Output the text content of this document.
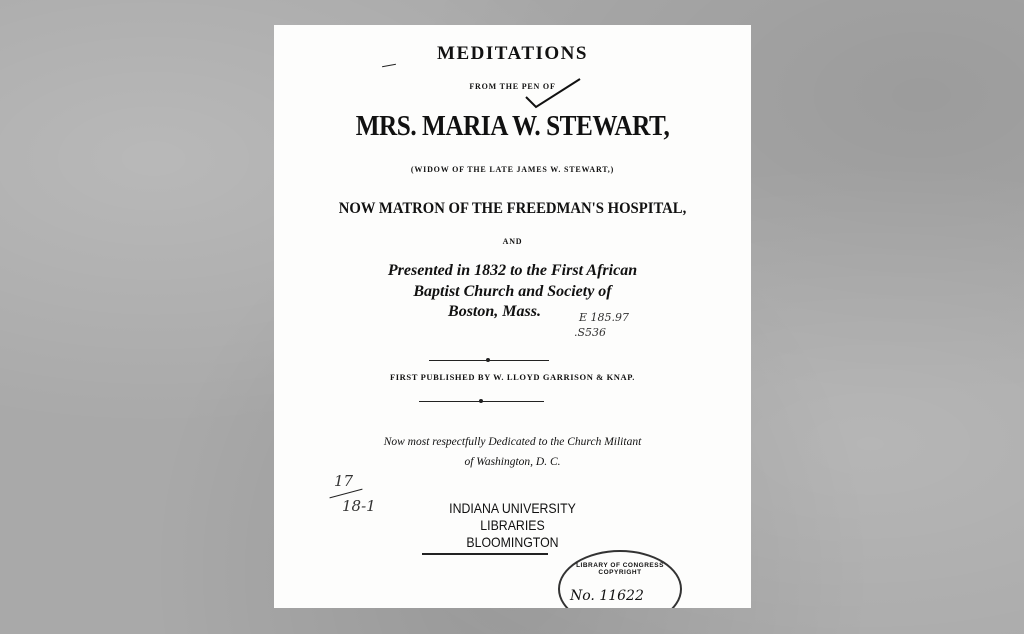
MEDITATIONS
FROM THE PEN OF
MRS. MARIA W. STEWART,
(WIDOW OF THE LATE JAMES W. STEWART,)
NOW MATRON OF THE FREEDMAN'S HOSPITAL,
AND
Presented in 1832 to the First African
Baptist Church and Society of
Boston, Mass.	E 185.97
.S536
FIRST PUBLISHED BY W. LLOYD GARRISON & KNAP.
Now most respectfully Dedicated to the Church Militant
of Washington, D. C.
17
18-1	INDIANA UNIVERSITY
LIBRARIES
BLOOMINGTON
LIBRARY OF CONGRESS COPYRIGHT
No. 11622
